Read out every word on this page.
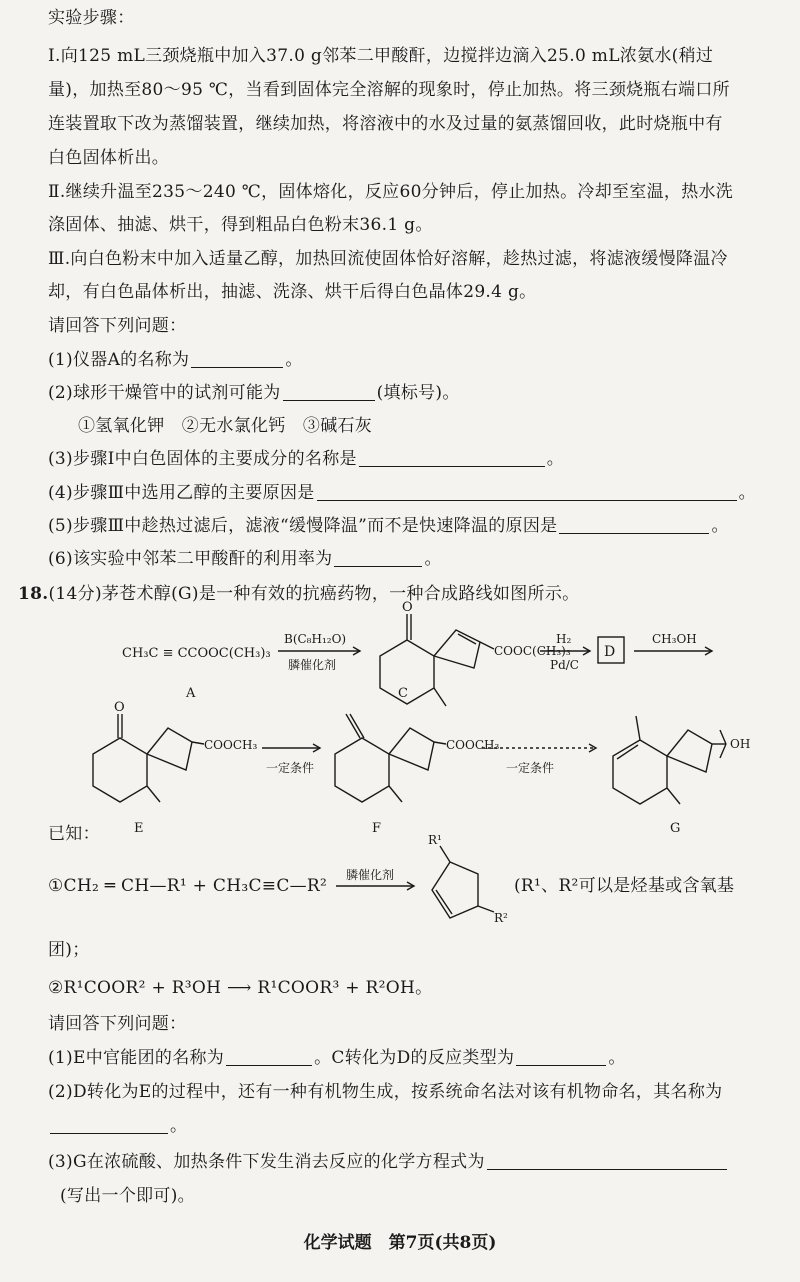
实验步骤：
Ⅰ.向125 mL三颈烧瓶中加入37.0 g邻苯二甲酸酐，边搅拌边滴入25.0 mL浓氨水(稍过
量)，加热至80～95 ℃，当看到固体完全溶解的现象时，停止加热。将三颈烧瓶右端口所
连装置取下改为蒸馏装置，继续加热，将溶液中的水及过量的氨蒸馏回收，此时烧瓶中有
白色固体析出。
Ⅱ.继续升温至235～240 ℃，固体熔化，反应60分钟后，停止加热。冷却至室温，热水洗
涤固体、抽滤、烘干，得到粗品白色粉末36.1 g。
Ⅲ.向白色粉末中加入适量乙醇，加热回流使固体恰好溶解，趁热过滤，将滤液缓慢降温冷
却，有白色晶体析出，抽滤、洗涤、烘干后得白色晶体29.4 g。
请回答下列问题：
(1)仪器A的名称为	。
(2)球形干燥管中的试剂可能为	(填标号)。
①氢氧化钾　②无水氯化钙　③碱石灰
(3)步骤Ⅰ中白色固体的主要成分的名称是	。
(4)步骤Ⅲ中选用乙醇的主要原因是	。
(5)步骤Ⅲ中趁热过滤后，滤液“缓慢降温”而不是快速降温的原因是	。
(6)该实验中邻苯二甲酸酐的利用率为	。
18.(14分)茅苍术醇(G)是一种有效的抗癌药物，一种合成路线如图所示。
CH₃C ≡ CCOOC(CH₃)₃
B(C₈H₁₂O)
膦催化剂
O
COOC(CH₃)₃
H₂
Pd/C
D
CH₃OH
A	C
O
COOCH₃
一定条件
COOCH₃
一定条件
OH
E	F	G
膦催化剂
R¹
R²
已知：
①CH₂ ═ CH—R¹ + CH₃C≡C—R²	(R¹、R²可以是烃基或含氧基
团)；
②R¹COOR² + R³OH ⟶ R¹COOR³ + R²OH。
请回答下列问题：
(1)E中官能团的名称为	。C转化为D的反应类型为	。
(2)D转化为E的过程中，还有一种有机物生成，按系统命名法对该有机物命名，其名称为
。
(3)G在浓硫酸、加热条件下发生消去反应的化学方程式为
(写出一个即可)。
化学试题　第7页(共8页)
